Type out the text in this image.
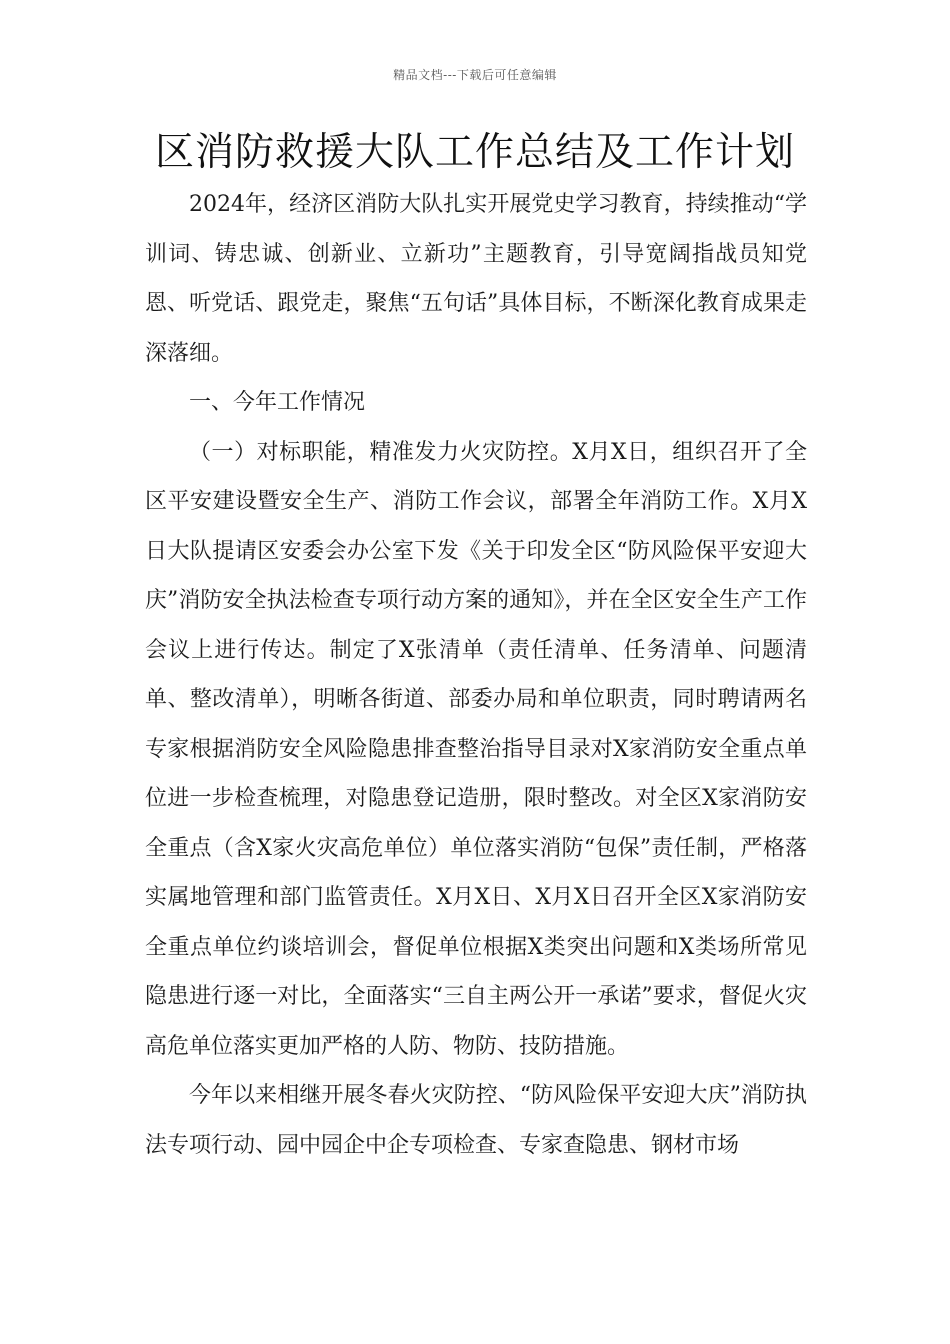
精品文档---下载后可任意编辑
区消防救援大队工作总结及工作计划

2024年，经济区消防大队扎实开展党史学习教育，持续推动“学训词、铸忠诚、创新业、立新功”主题教育，引导宽阔指战员知党恩、听党话、跟党走，聚焦“五句话”具体目标，不断深化教育成果走深落细。

一、今年工作情况

（一）对标职能，精准发力火灾防控。X月X日，组织召开了全区平安建设暨安全生产、消防工作会议，部署全年消防工作。X月X日大队提请区安委会办公室下发《关于印发全区“防风险保平安迎大庆”消防安全执法检查专项行动方案的通知》，并在全区安全生产工作会议上进行传达。制定了X张清单（责任清单、任务清单、问题清单、整改清单），明晰各街道、部委办局和单位职责，同时聘请两名专家根据消防安全风险隐患排查整治指导目录对X家消防安全重点单位进一步检查梳理，对隐患登记造册，限时整改。对全区X家消防安全重点（含X家火灾高危单位）单位落实消防“包保”责任制，严格落实属地管理和部门监管责任。X月X日、X月X日召开全区X家消防安全重点单位约谈培训会，督促单位根据X类突出问题和X类场所常见隐患进行逐一对比，全面落实“三自主两公开一承诺”要求，督促火灾高危单位落实更加严格的人防、物防、技防措施。

今年以来相继开展冬春火灾防控、“防风险保平安迎大庆”消防执法专项行动、园中园企中企专项检查、专家查隐患、钢材市场
